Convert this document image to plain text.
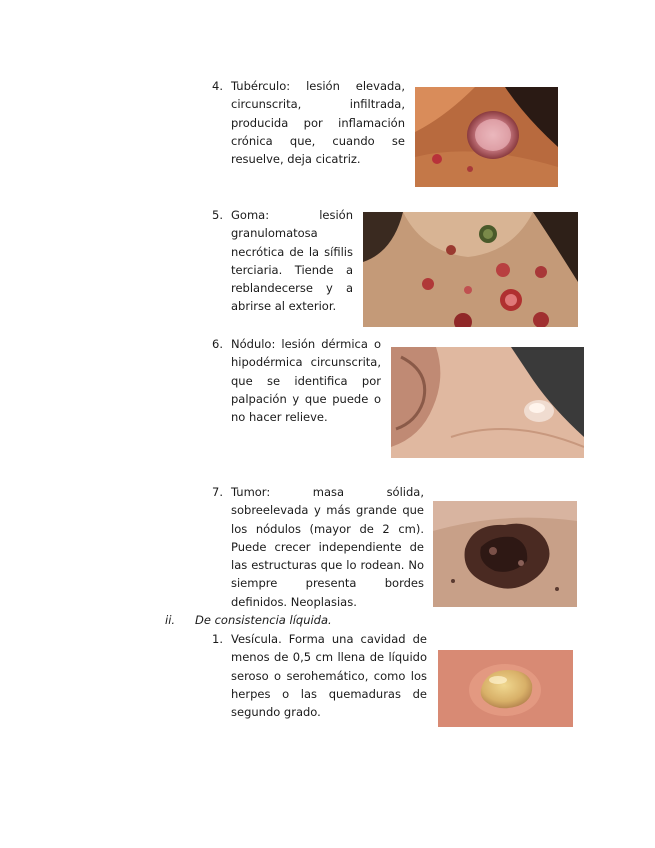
4. Tubérculo: lesión elevada, circunscrita, infiltrada, producida por inflamación crónica que, cuando se resuelve, deja cicatriz.
5. Goma: lesión granulomatosa necrótica de la sífilis terciaria. Tiende a reblandecerse y a abrirse al exterior.
6. Nódulo: lesión dérmica o hipodérmica circunscrita, que se identifica por palpación y que puede o no hacer relieve.
7. Tumor: masa sólida, sobreelevada y más grande que los nódulos (mayor de 2 cm). Puede crecer independiente de las estructuras que lo rodean. No siempre presenta bordes definidos. Neoplasias.
ii. De consistencia líquida.
1. Vesícula. Forma una cavidad de menos de 0,5 cm llena de líquido seroso o serohemático, como los herpes o las quemaduras de segundo grado.
